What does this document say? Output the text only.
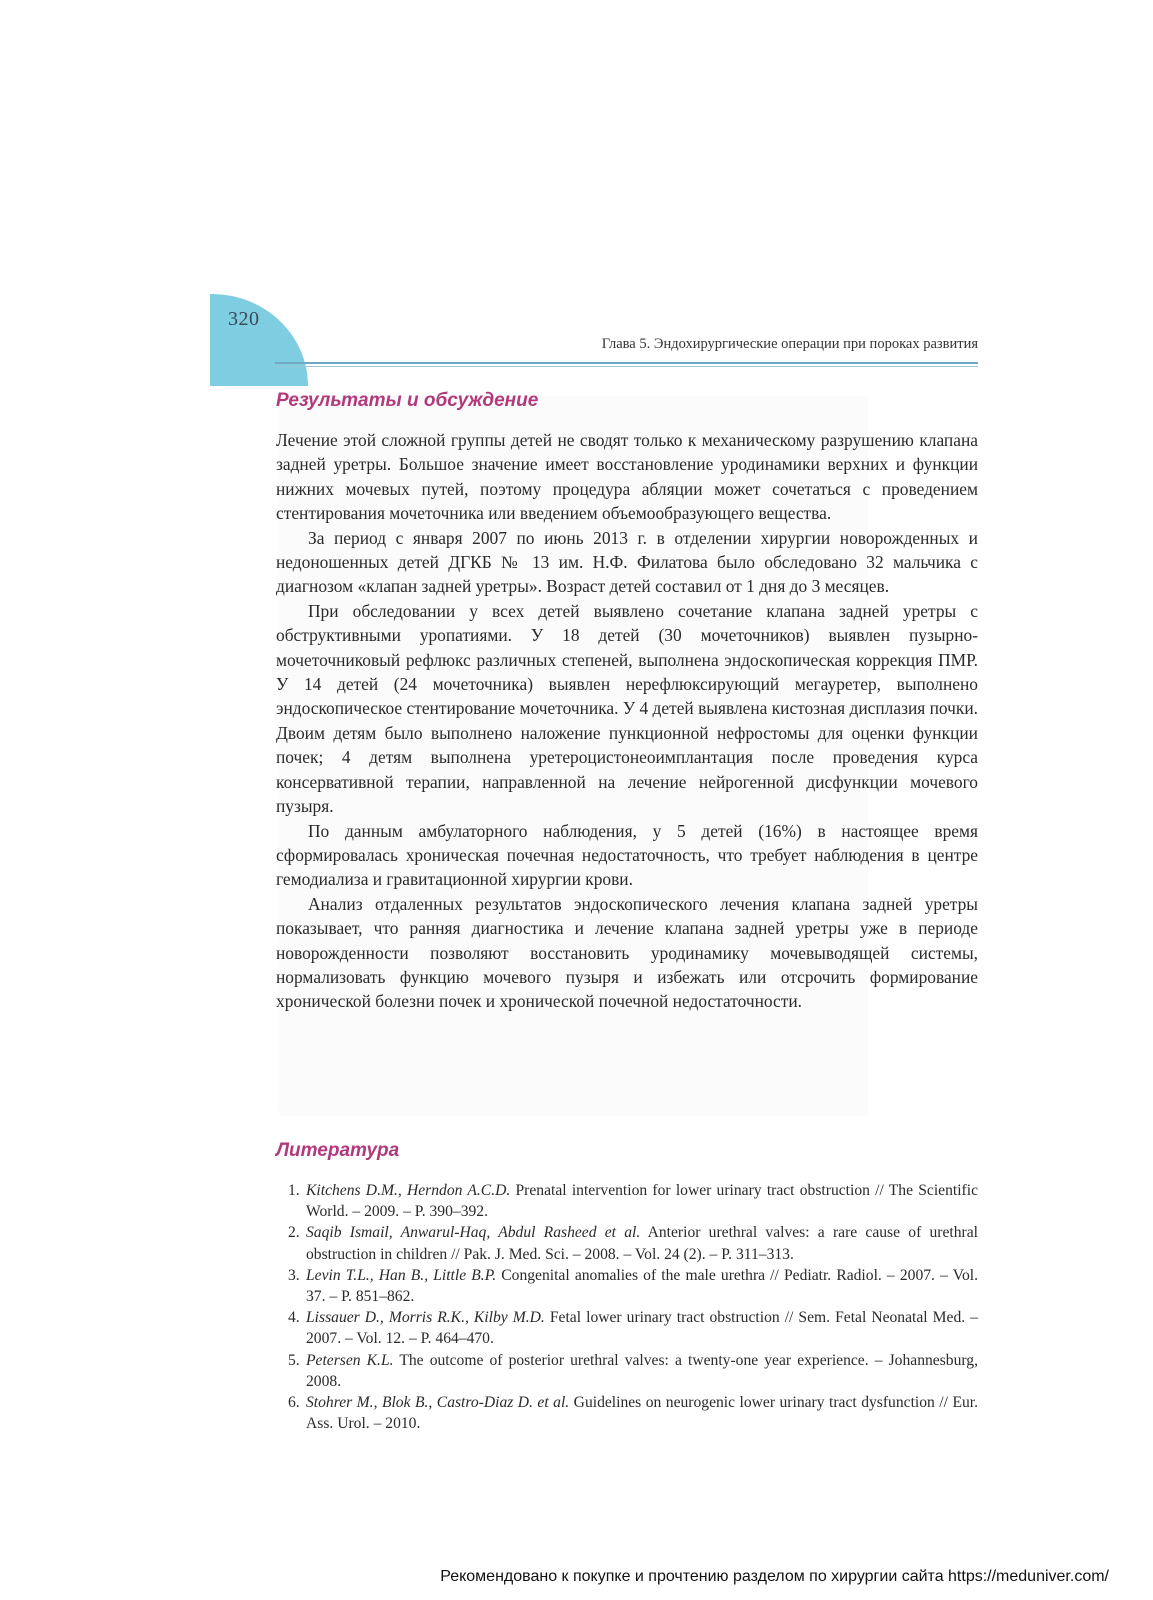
320
Глава 5. Эндохирургические операции при пороках развития
Результаты и обсуждение

Лечение этой сложной группы детей не сводят только к механическому разрушению клапана задней уретры. Большое значение имеет восстановление уродинамики верхних и функции нижних мочевых путей, поэтому процедура абляции может сочетаться с проведением стентирования мочеточника или введением объемообразующего вещества.

За период с января 2007 по июнь 2013 г. в отделении хирургии новорожденных и недоношенных детей ДГКБ № 13 им. Н.Ф. Филатова было обследовано 32 мальчика с диагнозом «клапан задней уретры». Возраст детей составил от 1 дня до 3 месяцев.

При обследовании у всех детей выявлено сочетание клапана задней уретры с обструктивными уропатиями. У 18 детей (30 мочеточников) выявлен пузырно-мочеточниковый рефлюкс различных степеней, выполнена эндоскопическая коррекция ПМР. У 14 детей (24 мочеточника) выявлен нерефлюксирующий мегауретер, выполнено эндоскопическое стентирование мочеточника. У 4 детей выявлена кистозная дисплазия почки. Двоим детям было выполнено наложение пункционной нефростомы для оценки функции почек; 4 детям выполнена уретероцистонеоимплантация после проведения курса консервативной терапии, направленной на лечение нейрогенной дисфункции мочевого пузыря.

По данным амбулаторного наблюдения, у 5 детей (16%) в настоящее время сформировалась хроническая почечная недостаточность, что требует наблюдения в центре гемодиализа и гравитационной хирургии крови.

Анализ отдаленных результатов эндоскопического лечения клапана задней уретры показывает, что ранняя диагностика и лечение клапана задней уретры уже в периоде новорожденности позволяют восстановить уродинамику мочевыводящей системы, нормализовать функцию мочевого пузыря и избежать или отсрочить формирование хронической болезни почек и хронической почечной недостаточности.

Литература
1. Kitchens D.M., Herndon A.C.D. Prenatal intervention for lower urinary tract obstruction // The Scientific World. – 2009. – P. 390–392.
2. Saqib Ismail, Anwarul-Haq, Abdul Rasheed et al. Anterior urethral valves: a rare cause of urethral obstruction in children // Pak. J. Med. Sci. – 2008. – Vol. 24 (2). – P. 311–313.
3. Levin T.L., Han B., Little B.P. Congenital anomalies of the male urethra // Pediatr. Radiol. – 2007. – Vol. 37. – P. 851–862.
4. Lissauer D., Morris R.K., Kilby M.D. Fetal lower urinary tract obstruction // Sem. Fetal Neonatal Med. – 2007. – Vol. 12. – P. 464–470.
5. Petersen K.L. The outcome of posterior urethral valves: a twenty-one year experience. – Johannesburg, 2008.
6. Stohrer M., Blok B., Castro-Diaz D. et al. Guidelines on neurogenic lower urinary tract dysfunction // Eur. Ass. Urol. – 2010.
Рекомендовано к покупке и прочтению разделом по хирургии сайта https://meduniver.com/
